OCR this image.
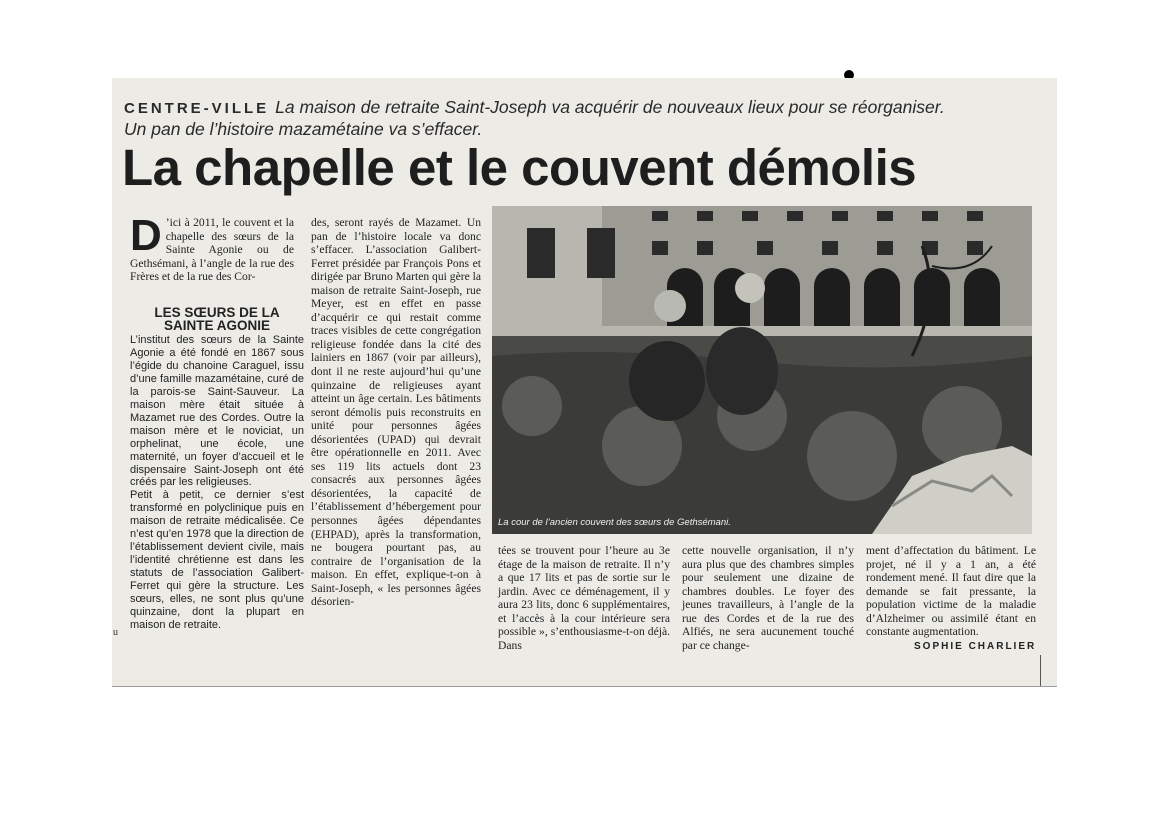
CENTRE-VILLE La maison de retraite Saint-Joseph va acquérir de nouveaux lieux pour se réorganiser. Un pan de l’histoire mazamétaine va s’effacer.
La chapelle et le couvent démolis
D ’ici à 2011, le couvent et la chapelle des sœurs de la Sainte Agonie ou de Gethsémani, à l’angle de la rue des Frères et de la rue des Cor-
LES SŒURS DE LA SAINTE AGONIE

L’institut des sœurs de la Sainte Agonie a été fondé en 1867 sous l’égide du chanoine Caraguel, issu d’une famille mazamétaine, curé de la parois-se Saint-Sauveur. La maison mère était située à Mazamet rue des Cordes. Outre la maison mère et le noviciat, un orphelinat, une école, une maternité, un foyer d’accueil et le dispensaire Saint-Joseph ont été créés par les religieuses.

Petit à petit, ce dernier s’est transformé en polyclinique puis en maison de retraite médicalisée. Ce n’est qu’en 1978 que la direction de l’établissement devient civile, mais l’identité chrétienne est dans les statuts de l’association Galibert-Ferret qui gère la structure. Les sœurs, elles, ne sont plus qu’une quinzaine, dont la plupart en maison de retraite.

u

des, seront rayés de Mazamet. Un pan de l’histoire locale va donc s’effacer. L’association Galibert-Ferret présidée par François Pons et dirigée par Bruno Marten qui gère la maison de retraite Saint-Joseph, rue Meyer, est en effet en passe d’acquérir ce qui restait comme traces visibles de cette congrégation religieuse fondée dans la cité des lainiers en 1867 (voir par ailleurs), dont il ne reste aujourd’hui qu’une quinzaine de religieuses ayant atteint un âge certain. Les bâtiments seront démolis puis reconstruits en unité pour personnes âgées désorientées (UPAD) qui devrait être opérationnelle en 2011. Avec ses 119 lits actuels dont 23 consacrés aux personnes âgées désorientées, la capacité de l’établissement d’hébergement pour personnes âgées dépendantes (EHPAD), après la transformation, ne bougera pourtant pas, au contraire de l’organisation de la maison. En effet, explique-t-on à Saint-Joseph, « les personnes âgées désorien-

La cour de l’ancien couvent des sœurs de Gethsémani.

tées se trouvent pour l’heure au 3e étage de la maison de retraite. Il n’y a que 17 lits et pas de sortie sur le jardin. Avec ce déménagement, il y aura 23 lits, donc 6 supplémentaires, et l’accès à la cour intérieure sera possible », s’enthousiasme-t-on déjà. Dans

cette nouvelle organisation, il n’y aura plus que des chambres simples pour seulement une dizaine de chambres doubles. Le foyer des jeunes travailleurs, à l’angle de la rue des Cordes et de la rue des Alfiés, ne sera aucunement touché par ce change-

ment d’affectation du bâtiment. Le projet, né il y a 1 an, a été rondement mené. Il faut dire que la demande se fait pressante, la population victime de la maladie d’Alzheimer ou assimilé étant en constante augmentation.

SOPHIE CHARLIER
